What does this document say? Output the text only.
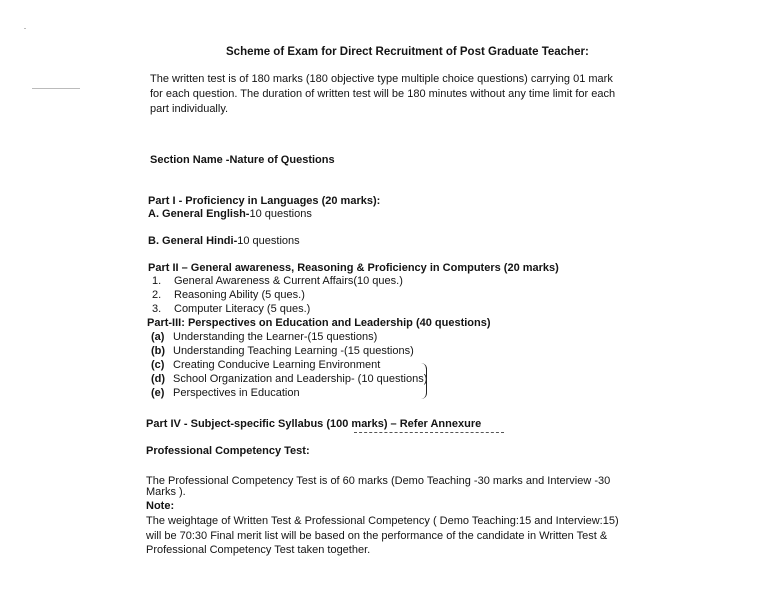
Scheme of Exam for Direct Recruitment of Post Graduate Teacher:
The written test is of 180 marks (180 objective type multiple choice questions) carrying 01 mark
for each question. The duration of written test will be 180 minutes without any time limit for each
part individually.
Section Name -Nature of Questions
Part I - Proficiency in Languages (20 marks):
A. General English-10 questions
B. General Hindi-10 questions
Part II – General awareness, Reasoning & Proficiency in Computers (20 marks)
1. General Awareness & Current Affairs(10 ques.)
2. Reasoning Ability (5 ques.)
3. Computer Literacy (5 ques.)
Part-III: Perspectives on Education and Leadership (40 questions)
(a) Understanding the Learner-(15 questions)
(b) Understanding Teaching Learning -(15 questions)
(c) Creating Conducive Learning Environment
(d) School Organization and Leadership- (10 questions)
(e) Perspectives in Education
Part IV - Subject-specific Syllabus (100 marks) – Refer Annexure
Professional Competency Test:
The Professional Competency Test is of 60 marks (Demo Teaching -30 marks and Interview -30
Marks ).
Note:
The weightage of Written Test & Professional Competency ( Demo Teaching:15 and Interview:15)
will be 70:30 Final merit list will be based on the performance of the candidate in Written Test &
Professional Competency Test taken together.
